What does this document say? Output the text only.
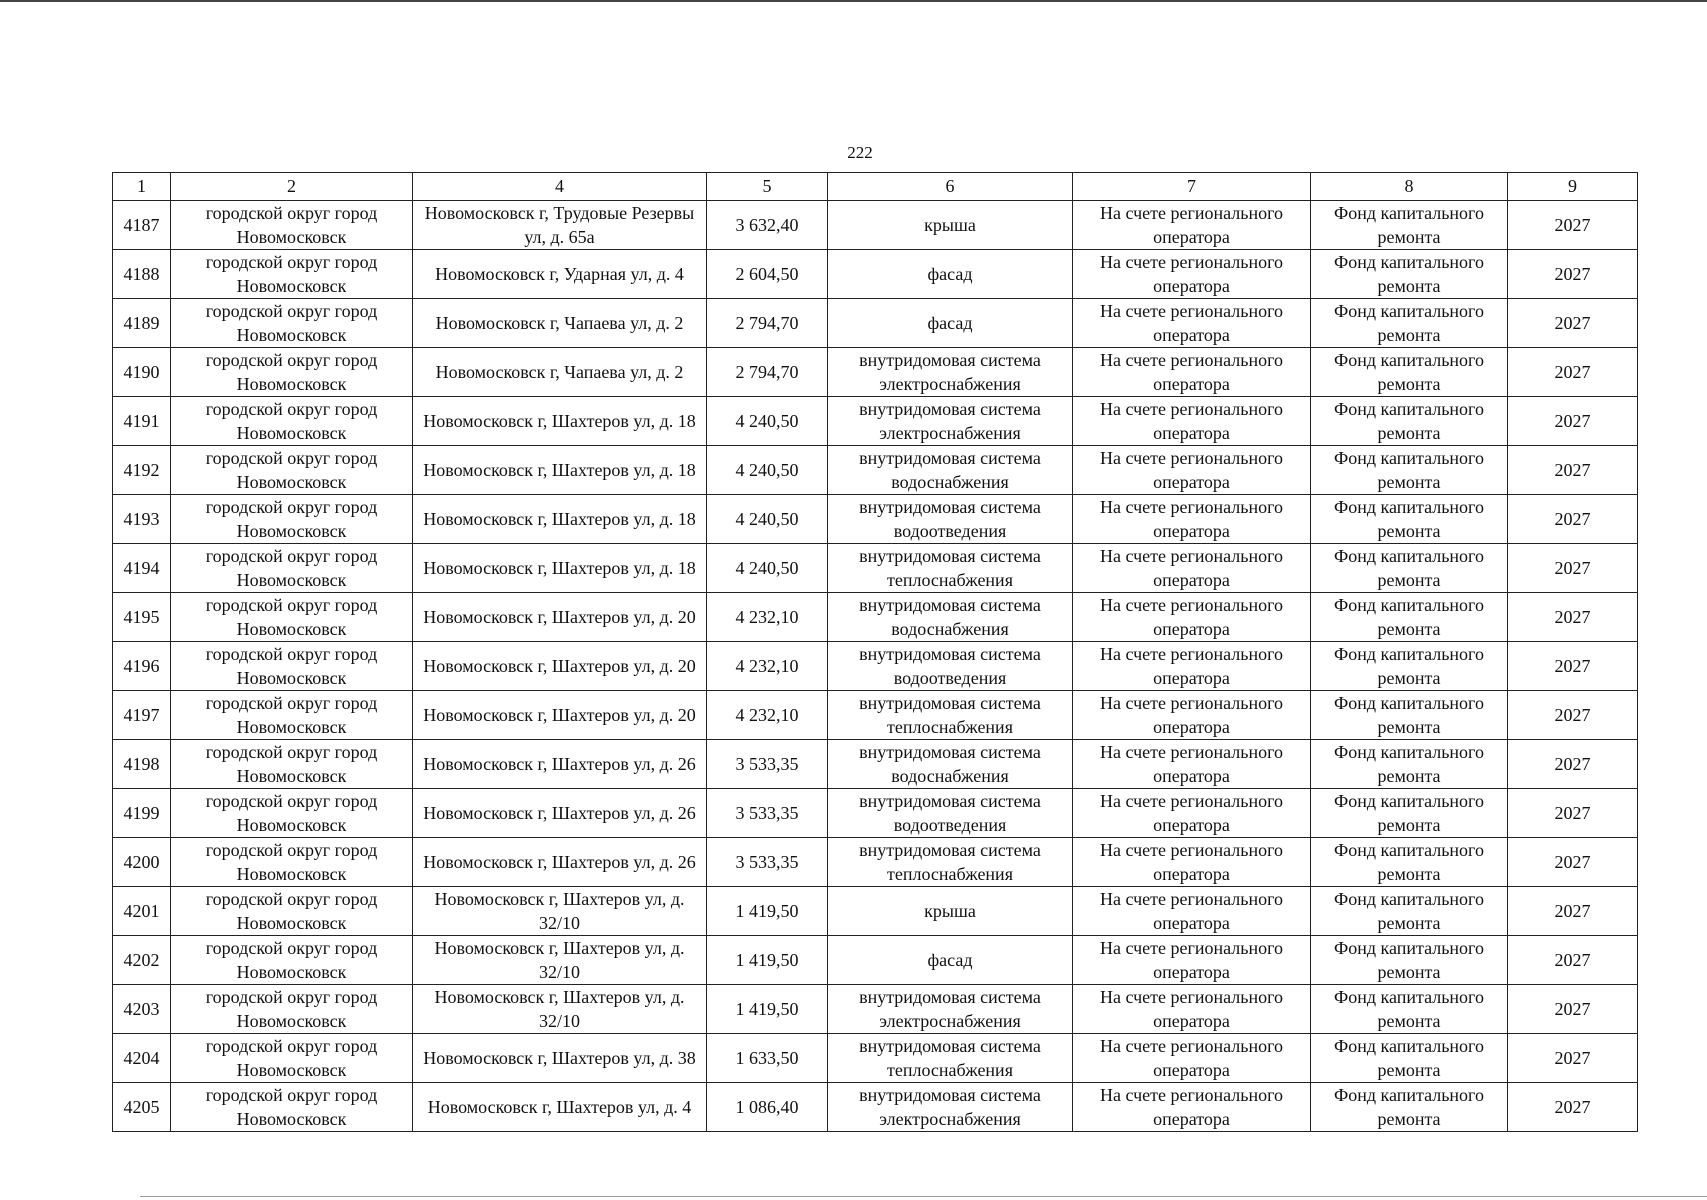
222
1	2	4	5	6	7	8	9
4187	городской округ город Новомосковск	Новомосковск г, Трудовые Резервы ул, д. 65а	3 632,40	крыша	На счете регионального оператора	Фонд капитального ремонта	2027
4188	городской округ город Новомосковск	Новомосковск г, Ударная ул, д. 4	2 604,50	фасад	На счете регионального оператора	Фонд капитального ремонта	2027
4189	городской округ город Новомосковск	Новомосковск г, Чапаева ул, д. 2	2 794,70	фасад	На счете регионального оператора	Фонд капитального ремонта	2027
4190	городской округ город Новомосковск	Новомосковск г, Чапаева ул, д. 2	2 794,70	внутридомовая система электроснабжения	На счете регионального оператора	Фонд капитального ремонта	2027
4191	городской округ город Новомосковск	Новомосковск г, Шахтеров ул, д. 18	4 240,50	внутридомовая система электроснабжения	На счете регионального оператора	Фонд капитального ремонта	2027
4192	городской округ город Новомосковск	Новомосковск г, Шахтеров ул, д. 18	4 240,50	внутридомовая система водоснабжения	На счете регионального оператора	Фонд капитального ремонта	2027
4193	городской округ город Новомосковск	Новомосковск г, Шахтеров ул, д. 18	4 240,50	внутридомовая система водоотведения	На счете регионального оператора	Фонд капитального ремонта	2027
4194	городской округ город Новомосковск	Новомосковск г, Шахтеров ул, д. 18	4 240,50	внутридомовая система теплоснабжения	На счете регионального оператора	Фонд капитального ремонта	2027
4195	городской округ город Новомосковск	Новомосковск г, Шахтеров ул, д. 20	4 232,10	внутридомовая система водоснабжения	На счете регионального оператора	Фонд капитального ремонта	2027
4196	городской округ город Новомосковск	Новомосковск г, Шахтеров ул, д. 20	4 232,10	внутридомовая система водоотведения	На счете регионального оператора	Фонд капитального ремонта	2027
4197	городской округ город Новомосковск	Новомосковск г, Шахтеров ул, д. 20	4 232,10	внутридомовая система теплоснабжения	На счете регионального оператора	Фонд капитального ремонта	2027
4198	городской округ город Новомосковск	Новомосковск г, Шахтеров ул, д. 26	3 533,35	внутридомовая система водоснабжения	На счете регионального оператора	Фонд капитального ремонта	2027
4199	городской округ город Новомосковск	Новомосковск г, Шахтеров ул, д. 26	3 533,35	внутридомовая система водоотведения	На счете регионального оператора	Фонд капитального ремонта	2027
4200	городской округ город Новомосковск	Новомосковск г, Шахтеров ул, д. 26	3 533,35	внутридомовая система теплоснабжения	На счете регионального оператора	Фонд капитального ремонта	2027
4201	городской округ город Новомосковск	Новомосковск г, Шахтеров ул, д. 32/10	1 419,50	крыша	На счете регионального оператора	Фонд капитального ремонта	2027
4202	городской округ город Новомосковск	Новомосковск г, Шахтеров ул, д. 32/10	1 419,50	фасад	На счете регионального оператора	Фонд капитального ремонта	2027
4203	городской округ город Новомосковск	Новомосковск г, Шахтеров ул, д. 32/10	1 419,50	внутридомовая система электроснабжения	На счете регионального оператора	Фонд капитального ремонта	2027
4204	городской округ город Новомосковск	Новомосковск г, Шахтеров ул, д. 38	1 633,50	внутридомовая система теплоснабжения	На счете регионального оператора	Фонд капитального ремонта	2027
4205	городской округ город Новомосковск	Новомосковск г, Шахтеров ул, д. 4	1 086,40	внутридомовая система электроснабжения	На счете регионального оператора	Фонд капитального ремонта	2027
